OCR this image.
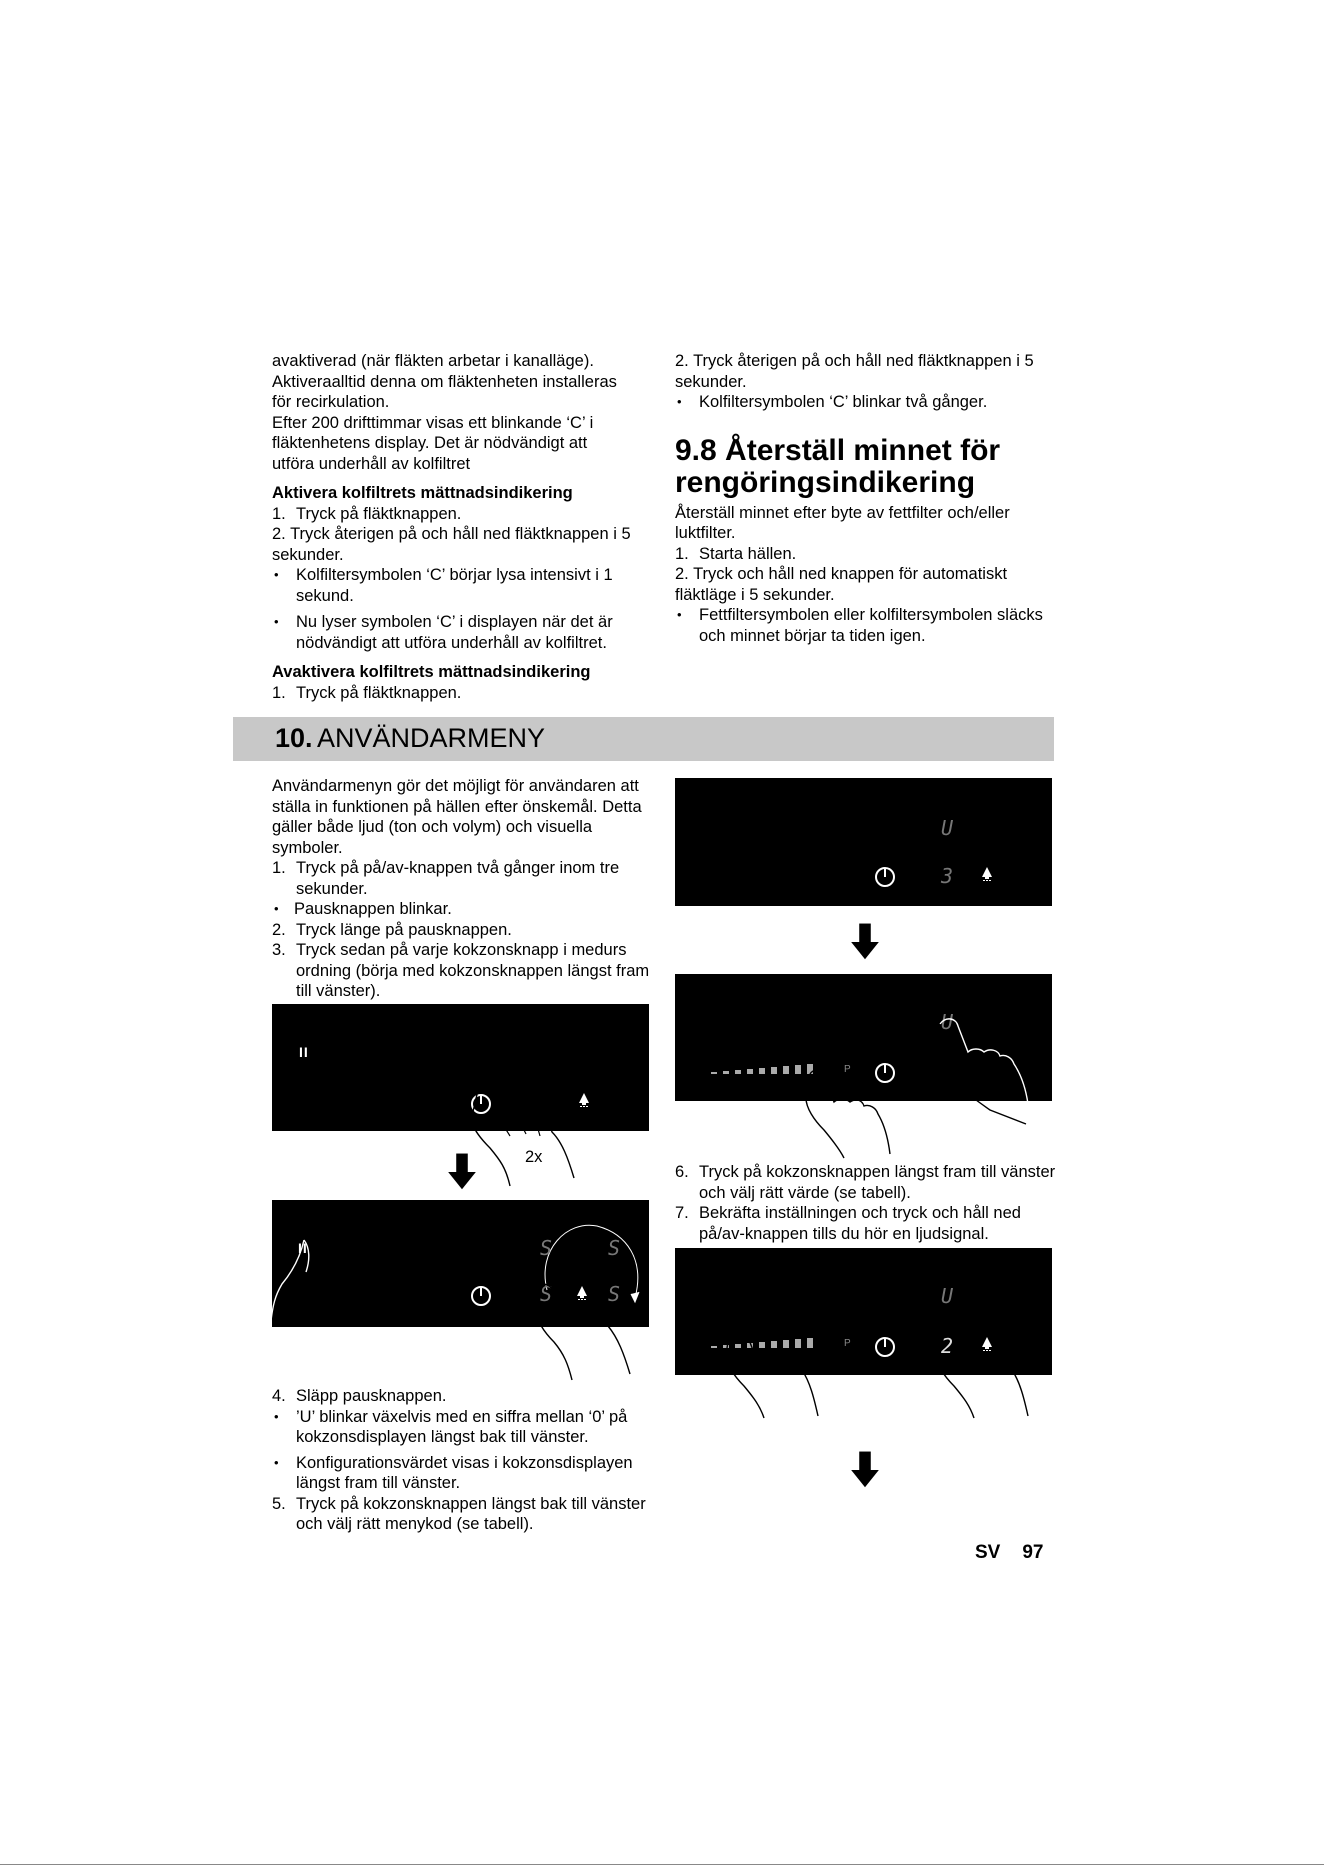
avaktiverad (när fläkten arbetar i kanalläge).

Aktiveraalltid denna om fläktenheten installeras

för recirkulation.

Efter 200 drifttimmar visas ett blinkande ‘C’ i

fläktenhetens display. Det är nödvändigt att

utföra underhåll av kolfiltret

Aktivera kolfiltrets mättnadsindikering

1. Tryck på fläktknappen.
2. Tryck återigen på och håll ned fläktknappen i 5 sekunder.
• Kolfiltersymbolen ‘C’ börjar lysa intensivt i 1 sekund.
• Nu lyser symbolen ‘C’ i displayen när det är nödvändigt att utföra underhåll av kolfiltret.

Avaktivera kolfiltrets mättnadsindikering

1. Tryck på fläktknappen.
2. Tryck återigen på och håll ned fläktknappen i 5 sekunder.
• Kolfiltersymbolen ‘C’ blinkar två gånger.
9.8 Återställ minnet för
rengöringsindikering

Återställ minnet efter byte av fettfilter och/eller luktfilter.

1. Starta hällen.
2. Tryck och håll ned knappen för automatiskt fläktläge i 5 sekunder.
• Fettfiltersymbolen eller kolfiltersymbolen släcks och minnet börjar ta tiden igen.
10. ANVÄNDARMENY

Användarmenyn gör det möjligt för användaren att ställa in funktionen på hällen efter önskemål. Detta gäller både ljud (ton och volym) och visuella symboler.

1. Tryck på på/av-knappen två gånger inom tre sekunder.
• Pausknappen blinkar.
2. Tryck länge på pausknappen.
3. Tryck sedan på varje kokzonsknapp i medurs ordning (börja med kokzonsknappen längst fram till vänster).
II
2x
II	S	S
S	S
4. Släpp pausknappen.
• ’U’ blinkar växelvis med en siffra mellan ‘0’ på kokzonsdisplayen längst bak till vänster.
• Konfigurationsvärdet visas i kokzonsdisplayen längst fram till vänster.
5. Tryck på kokzonsknappen längst bak till vänster och välj rätt menykod (se tabell).
U
3
U
P
6. Tryck på kokzonsknappen längst fram till vänster och välj rätt värde (se tabell).
7. Bekräfta inställningen och tryck och håll ned på/av-knappen tills du hör en ljudsignal.
U
P	2
SV 97
